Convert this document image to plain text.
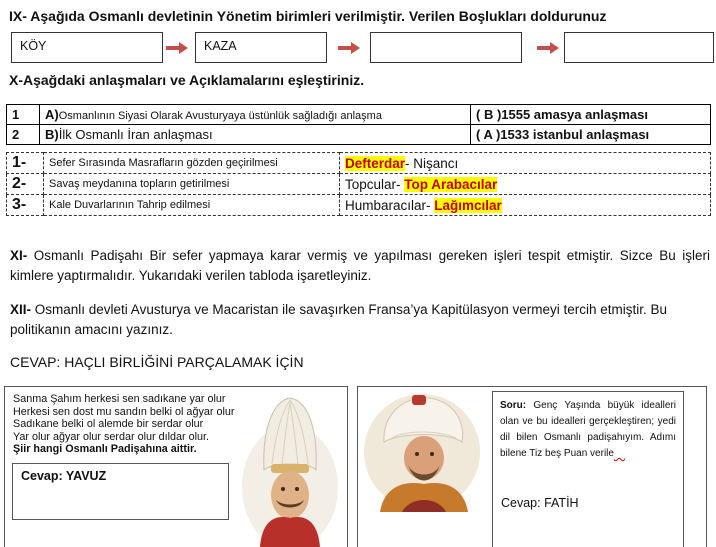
IX- Aşağıda Osmanlı devletinin Yönetim birimleri verilmiştir. Verilen Boşlukları doldurunuz
KÖY	KAZA
X-Aşağdaki anlaşmaları ve Açıklamalarını eşleştiriniz.
1	A)Osmanlının Siyasi Olarak Avusturyaya üstünlük sağladığı anlaşma	( B )1555 amasya anlaşması
2	B)İlk Osmanlı İran anlaşması	( A )1533 istanbul anlaşması
1-	Sefer Sırasında Masrafların gözden geçirilmesi	Defterdar- Nişancı
2-	Savaş meydanına topların getirilmesi	Topcular- Top Arabacılar
3-	Kale Duvarlarının Tahrip edilmesi	Humbaracılar- Lağımcılar
XI- Osmanlı Padişahı Bir sefer yapmaya karar vermiş ve yapılması gereken işleri tespit etmiştir. Sizce Bu işleri kimlere yaptırmalıdır. Yukarıdaki verilen tabloda işaretleyiniz.
XII- Osmanlı devleti Avusturya ve Macaristan ile savaşırken Fransa’ya Kapitülasyon vermeyi tercih etmiştir. Bu politikanın amacını yazınız.
CEVAP: HAÇLI BİRLİĞİNİ PARÇALAMAK İÇİN
Sanma Şahım herkesi sen sadıkane yar olur
Herkesi sen dost mu sandın belki ol ağyar olur
Sadıkane belki ol alemde bir serdar olur
Yar olur ağyar olur serdar olur dıldar olur.
Şiir hangi Osmanlı Padişahına aittir.
Cevap: YAVUZ
Soru: Genç Yaşında büyük idealleri olan ve bu idealleri gerçekleştiren; yedi dil bilen Osmanlı padişahıyım. Adımı bilene Tiz beş Puan verile
Cevap: FATİH
